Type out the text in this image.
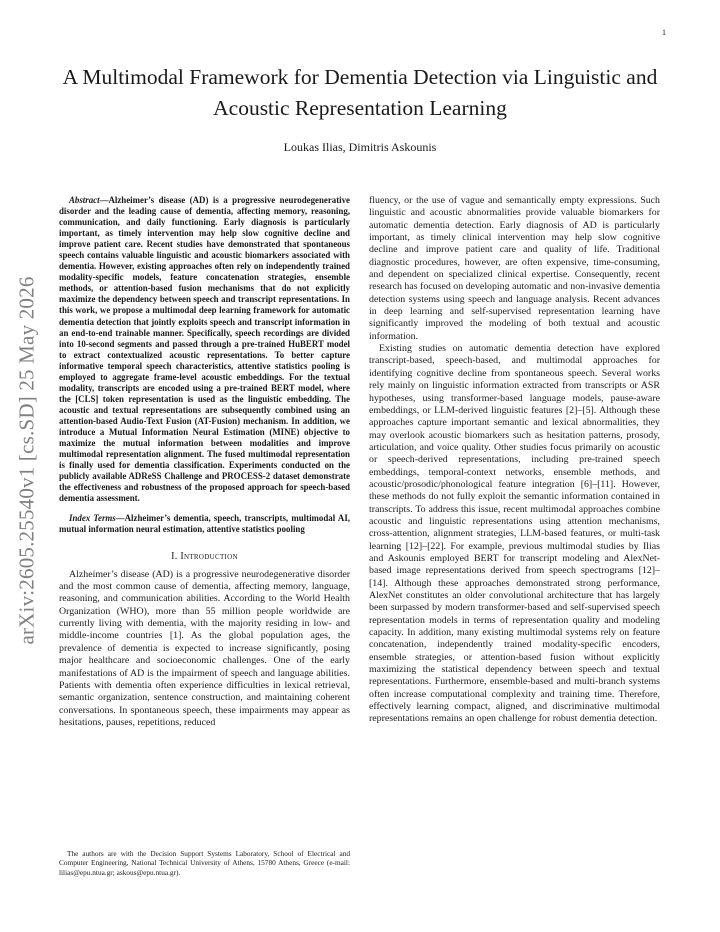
1
arXiv:2605.25540v1 [cs.SD] 25 May 2026
A Multimodal Framework for Dementia Detection via Linguistic and
Acoustic Representation Learning
Loukas Ilias, Dimitris Askounis

Abstract—Alzheimer’s disease (AD) is a progressive neurodegenerative disorder and the leading cause of dementia, affecting memory, reasoning, communication, and daily functioning. Early diagnosis is particularly important, as timely intervention may help slow cognitive decline and improve patient care. Recent studies have demonstrated that spontaneous speech contains valuable linguistic and acoustic biomarkers associated with dementia. However, existing approaches often rely on independently trained modality-specific models, feature concatenation strategies, ensemble methods, or attention-based fusion mechanisms that do not explicitly maximize the dependency between speech and transcript representations. In this work, we propose a multimodal deep learning framework for automatic dementia detection that jointly exploits speech and transcript information in an end-to-end trainable manner. Specifically, speech recordings are divided into 10-second segments and passed through a pre-trained HuBERT model to extract contextualized acoustic representations. To better capture informative temporal speech characteristics, attentive statistics pooling is employed to aggregate frame-level acoustic embeddings. For the textual modality, transcripts are encoded using a pre-trained BERT model, where the [CLS] token representation is used as the linguistic embedding. The acoustic and textual representations are subsequently combined using an attention-based Audio-Text Fusion (AT-Fusion) mechanism. In addition, we introduce a Mutual Information Neural Estimation (MINE) objective to maximize the mutual information between modalities and improve multimodal representation alignment. The fused multimodal representation is finally used for dementia classification. Experiments conducted on the publicly available ADReSS Challenge and PROCESS-2 dataset demonstrate the effectiveness and robustness of the proposed approach for speech-based dementia assessment.

Index Terms—Alzheimer’s dementia, speech, transcripts, multimodal AI, mutual information neural estimation, attentive statistics pooling

I. Introduction

Alzheimer’s disease (AD) is a progressive neurodegenerative disorder and the most common cause of dementia, affecting memory, language, reasoning, and communication abilities. According to the World Health Organization (WHO), more than 55 million people worldwide are currently living with dementia, with the majority residing in low- and middle-income countries [1]. As the global population ages, the prevalence of dementia is expected to increase significantly, posing major healthcare and socioeconomic challenges. One of the early manifestations of AD is the impairment of speech and language abilities. Patients with dementia often experience difficulties in lexical retrieval, semantic organization, sentence construction, and maintaining coherent conversations. In spontaneous speech, these impairments may appear as hesitations, pauses, repetitions, reduced

fluency, or the use of vague and semantically empty expressions. Such linguistic and acoustic abnormalities provide valuable biomarkers for automatic dementia detection. Early diagnosis of AD is particularly important, as timely clinical intervention may help slow cognitive decline and improve patient care and quality of life. Traditional diagnostic procedures, however, are often expensive, time-consuming, and dependent on specialized clinical expertise. Consequently, recent research has focused on developing automatic and non-invasive dementia detection systems using speech and language analysis. Recent advances in deep learning and self-supervised representation learning have significantly improved the modeling of both textual and acoustic information.

Existing studies on automatic dementia detection have explored transcript-based, speech-based, and multimodal approaches for identifying cognitive decline from spontaneous speech. Several works rely mainly on linguistic information extracted from transcripts or ASR hypotheses, using transformer-based language models, pause-aware embeddings, or LLM-derived linguistic features [2]–[5]. Although these approaches capture important semantic and lexical abnormalities, they may overlook acoustic biomarkers such as hesitation patterns, prosody, articulation, and voice quality. Other studies focus primarily on acoustic or speech-derived representations, including pre-trained speech embeddings, temporal-context networks, ensemble methods, and acoustic/prosodic/phonological feature integration [6]–[11]. However, these methods do not fully exploit the semantic information contained in transcripts. To address this issue, recent multimodal approaches combine acoustic and linguistic representations using attention mechanisms, cross-attention, alignment strategies, LLM-based features, or multi-task learning [12]–[22]. For example, previous multimodal studies by Ilias and Askounis employed BERT for transcript modeling and AlexNet-based image representations derived from speech spectrograms [12]–[14]. Although these approaches demonstrated strong performance, AlexNet constitutes an older convolutional architecture that has largely been surpassed by modern transformer-based and self-supervised speech representation models in terms of representation quality and modeling capacity. In addition, many existing multimodal systems rely on feature concatenation, independently trained modality-specific encoders, ensemble strategies, or attention-based fusion without explicitly maximizing the statistical dependency between speech and textual representations. Furthermore, ensemble-based and multi-branch systems often increase computational complexity and training time. Therefore, effectively learning compact, aligned, and discriminative multimodal representations remains an open challenge for robust dementia detection.

The authors are with the Decision Support Systems Laboratory, School of Electrical and Computer Engineering, National Technical University of Athens, 15780 Athens, Greece (e-mail: lilias@epu.ntua.gr; askous@epu.ntua.gr).
